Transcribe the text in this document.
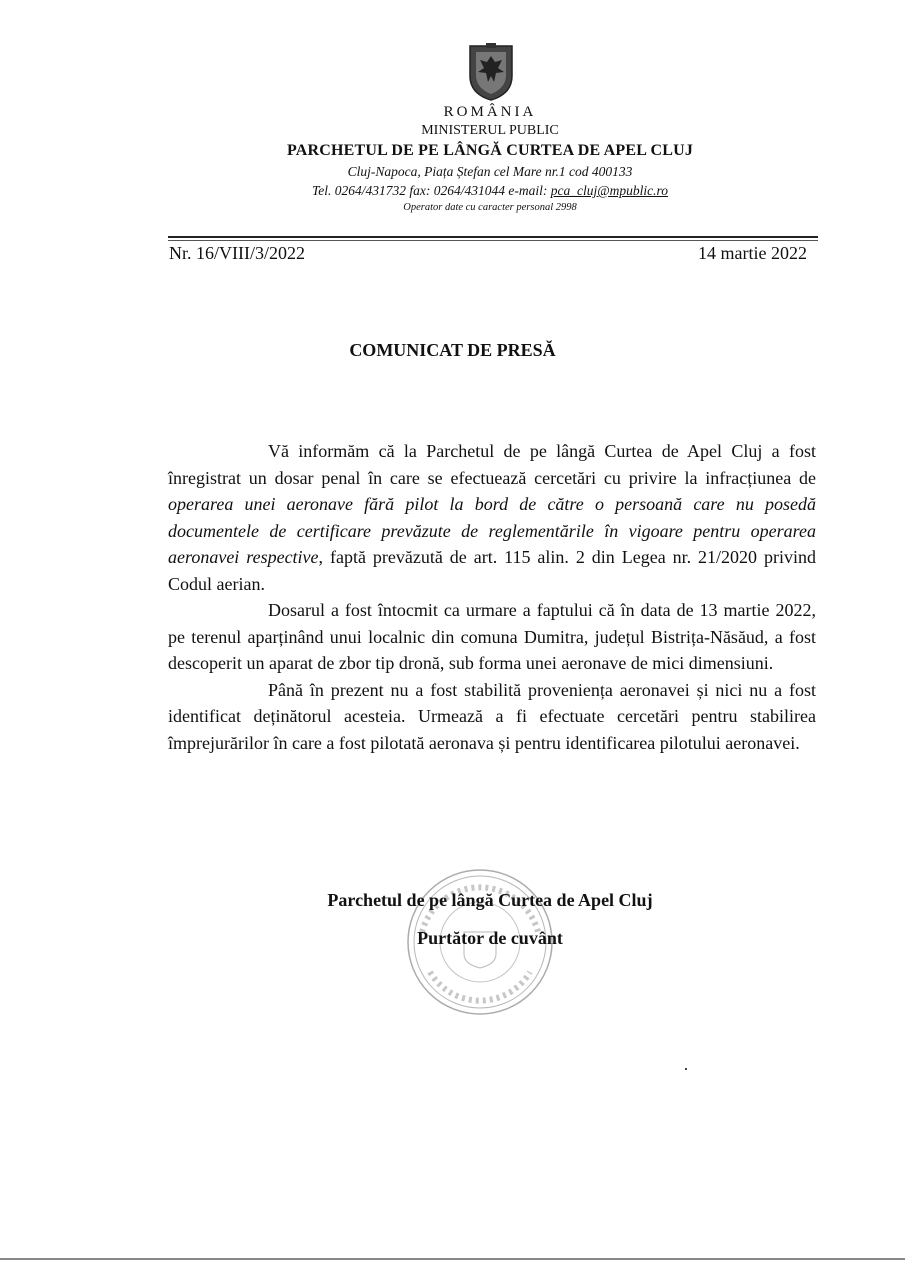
ROMÂNIA
MINISTERUL PUBLIC
PARCHETUL DE PE LÂNGĂ CURTEA DE APEL CLUJ
Cluj-Napoca, Piața Ștefan cel Mare nr.1 cod 400133
Tel. 0264/431732 fax: 0264/431044 e-mail: pca_cluj@mpublic.ro
Operator date cu caracter personal 2998
Nr. 16/VIII/3/2022	14 martie 2022
COMUNICAT DE PRESĂ

Vă informăm că la Parchetul de pe lângă Curtea de Apel Cluj a fost înregistrat un dosar penal în care se efectuează cercetări cu privire la infracțiunea de operarea unei aeronave fără pilot la bord de către o persoană care nu posedă documentele de certificare prevăzute de reglementările în vigoare pentru operarea aeronavei respective, faptă prevăzută de art. 115 alin. 2 din Legea nr. 21/2020 privind Codul aerian.

Dosarul a fost întocmit ca urmare a faptului că în data de 13 martie 2022, pe terenul aparținând unui localnic din comuna Dumitra, județul Bistrița-Năsăud, a fost descoperit un aparat de zbor tip dronă, sub forma unei aeronave de mici dimensiuni.

Până în prezent nu a fost stabilită proveniența aeronavei și nici nu a fost identificat deținătorul acesteia. Urmează a fi efectuate cercetări pentru stabilirea împrejurărilor în care a fost pilotată aeronava și pentru identificarea pilotului aeronavei.

Parchetul de pe lângă Curtea de Apel Cluj
Purtător de cuvânt
